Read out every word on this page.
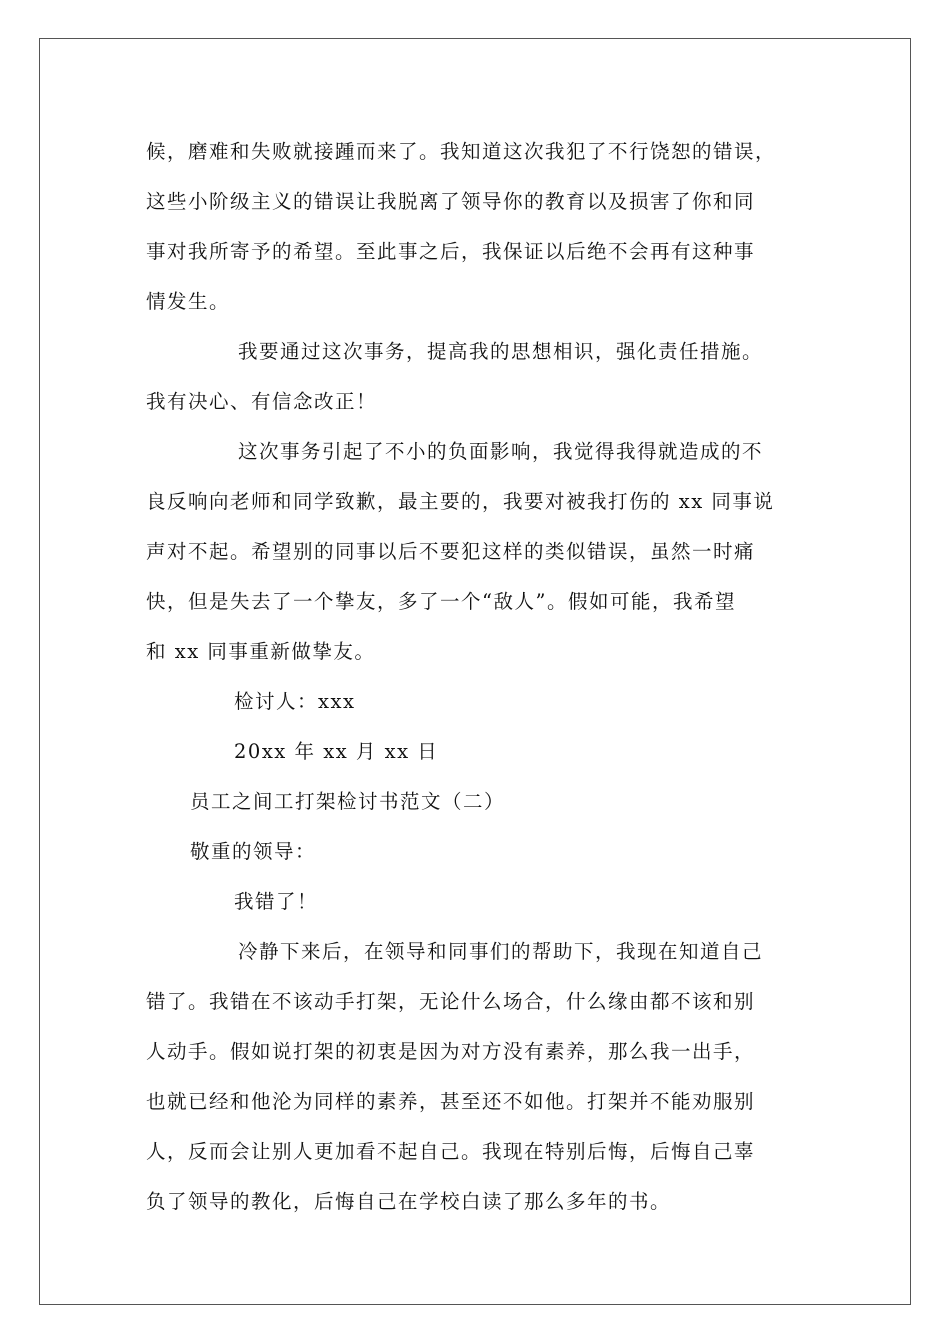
候，磨难和失败就接踵而来了。我知道这次我犯了不行饶恕的错误，
这些小阶级主义的错误让我脱离了领导你的教育以及损害了你和同
事对我所寄予的希望。至此事之后，我保证以后绝不会再有这种事
情发生。
我要通过这次事务，提高我的思想相识，强化责任措施。
我有决心、有信念改正！
这次事务引起了不小的负面影响，我觉得我得就造成的不
良反响向老师和同学致歉，最主要的，我要对被我打伤的 xx 同事说
声对不起。希望别的同事以后不要犯这样的类似错误，虽然一时痛
快，但是失去了一个挚友，多了一个“敌人”。假如可能，我希望
和 xx 同事重新做挚友。
检讨人：xxx
20xx 年 xx 月 xx 日
员工之间工打架检讨书范文（二）
敬重的领导：
我错了！
冷静下来后，在领导和同事们的帮助下，我现在知道自己
错了。我错在不该动手打架，无论什么场合，什么缘由都不该和别
人动手。假如说打架的初衷是因为对方没有素养，那么我一出手，
也就已经和他沦为同样的素养，甚至还不如他。打架并不能劝服别
人，反而会让别人更加看不起自己。我现在特别后悔，后悔自己辜
负了领导的教化，后悔自己在学校白读了那么多年的书。
